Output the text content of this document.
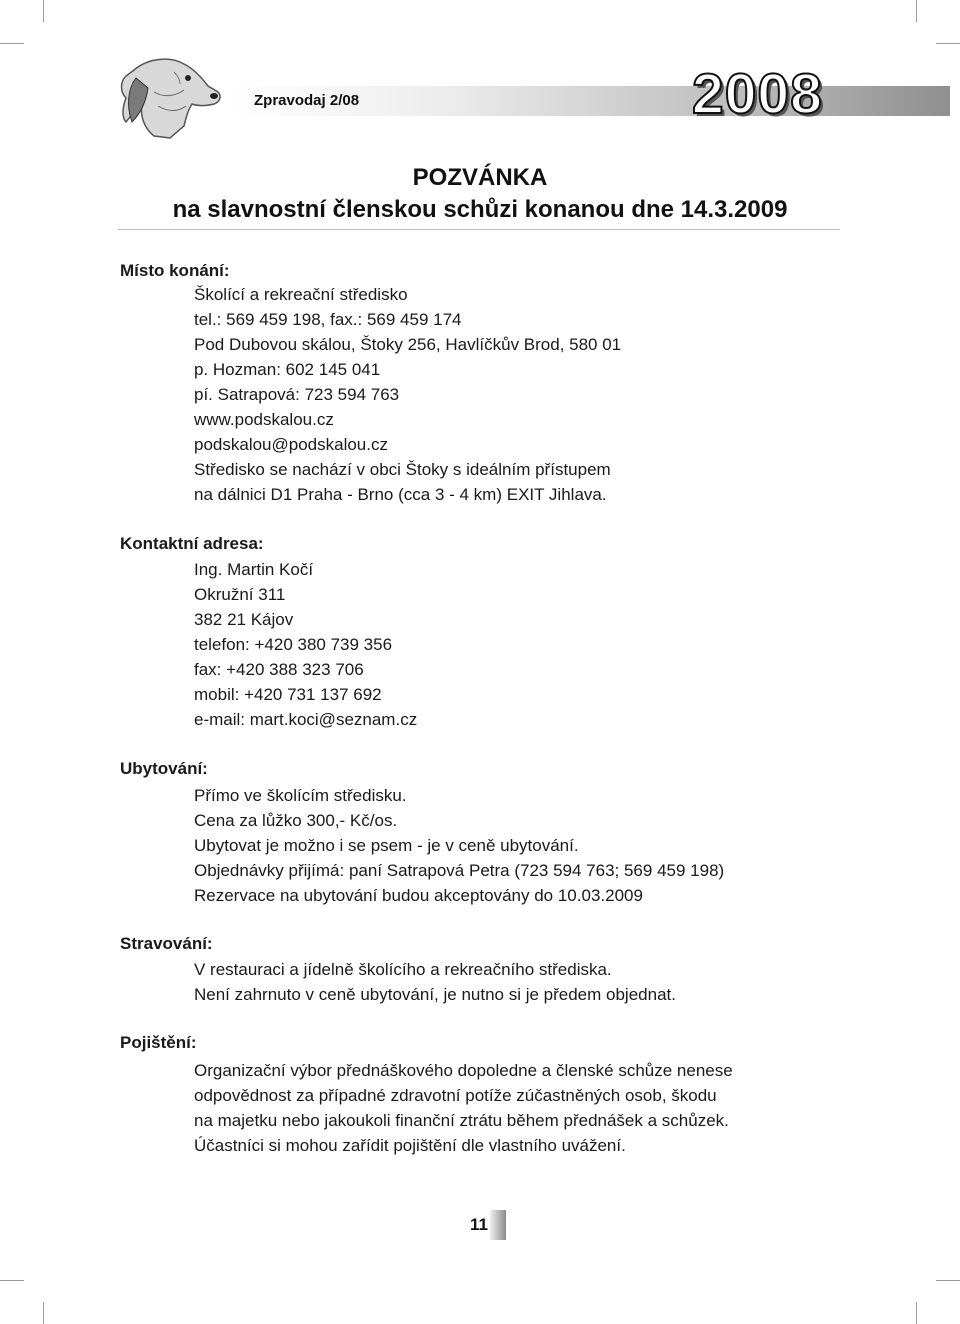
Zpravodaj 2/08	2008
POZVÁNKA
na slavnostní členskou schůzi konanou dne 14.3.2009
Místo konání:
Školící a rekreační středisko
tel.: 569 459 198, fax.: 569 459 174
Pod Dubovou skálou, Štoky 256, Havlíčkův Brod, 580 01
p. Hozman: 602 145 041
pí. Satrapová: 723 594 763
www.podskalou.cz
podskalou@podskalou.cz
Středisko se nachází v obci Štoky s ideálním přístupem
na dálnici D1 Praha - Brno (cca 3 - 4 km) EXIT Jihlava.
Kontaktní adresa:
Ing. Martin Kočí
Okružní 311
382 21 Kájov
telefon: +420 380 739 356
fax: +420 388 323 706
mobil: +420 731 137 692
e-mail: mart.koci@seznam.cz
Ubytování:
Přímo ve školícím středisku.
Cena za lůžko 300,- Kč/os.
Ubytovat je možno i se psem - je v ceně ubytování.
Objednávky přijímá: paní Satrapová Petra (723 594 763; 569 459 198)
Rezervace na ubytování budou akceptovány do 10.03.2009
Stravování:
V restauraci a jídelně školícího a rekreačního střediska.
Není zahrnuto v ceně ubytování, je nutno si je předem objednat.
Pojištění:
Organizační výbor přednáškového dopoledne a členské schůze nenese
odpovědnost za případné zdravotní potíže zúčastněných osob, škodu
na majetku nebo jakoukoli finanční ztrátu během přednášek a schůzek.
Účastníci si mohou zařídit pojištění dle vlastního uvážení.
11
